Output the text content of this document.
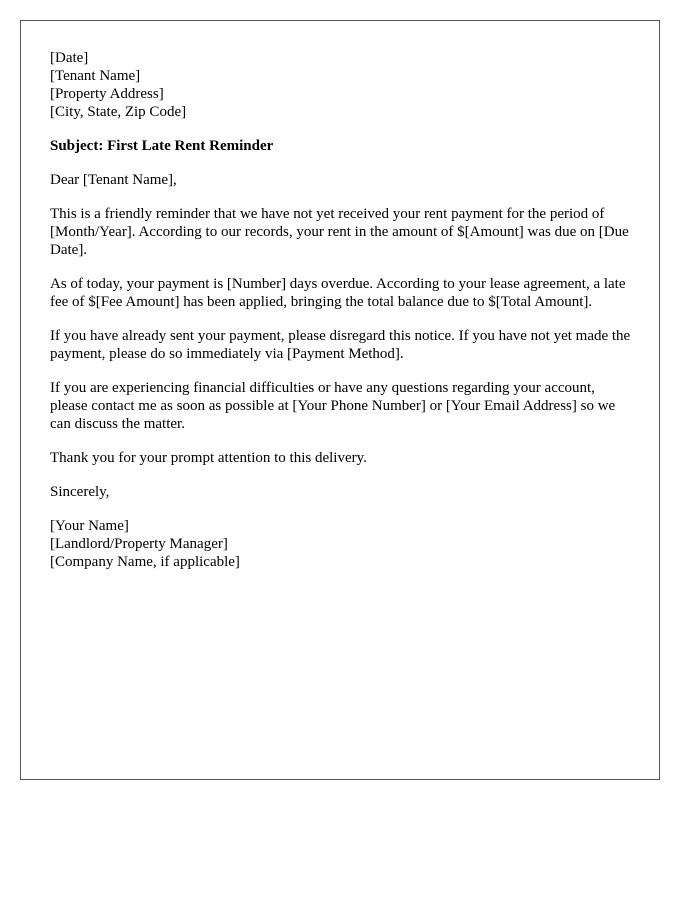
[Date]
[Tenant Name]
[Property Address]
[City, State, Zip Code]

Subject: First Late Rent Reminder

Dear [Tenant Name],

This is a friendly reminder that we have not yet received your rent payment for the period of [Month/Year]. According to our records, your rent in the amount of $[Amount] was due on [Due Date].

As of today, your payment is [Number] days overdue. According to your lease agreement, a late fee of $[Fee Amount] has been applied, bringing the total balance due to $[Total Amount].

If you have already sent your payment, please disregard this notice. If you have not yet made the payment, please do so immediately via [Payment Method].

If you are experiencing financial difficulties or have any questions regarding your account, please contact me as soon as possible at [Your Phone Number] or [Your Email Address] so we can discuss the matter.

Thank you for your prompt attention to this delivery.

Sincerely,

[Your Name]
[Landlord/Property Manager]
[Company Name, if applicable]
